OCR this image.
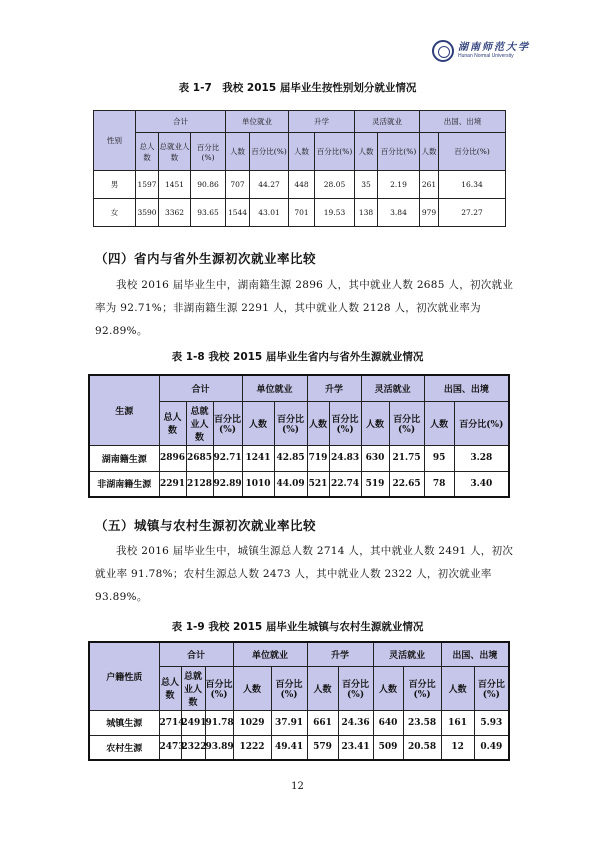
湖南师范大学
Hunan Normal University
表 1-7　我校 2015 届毕业生按性别划分就业情况
性别	合计			单位就业		升学		灵活就业		出国、出境	
	总人数	总就业人数	百分比(%)	人数	百分比(%)	人数	百分比(%)	人数	百分比(%)	人数	百分比(%)
男	1597	1451	90.86	707	44.27	448	28.05	35	2.19	261	16.34
女	3590	3362	93.65	1544	43.01	701	19.53	138	3.84	979	27.27
（四）省内与省外生源初次就业率比较

我校 2016 届毕业生中，湖南籍生源 2896 人，其中就业人数 2685 人，初次就业率为 92.71%；非湖南籍生源 2291 人，其中就业人数 2128 人，初次就业率为 92.89%。

表 1-8 我校 2015 届毕业生省内与省外生源就业情况
生源	合计			单位就业		升学		灵活就业		出国、出境	
	总人数	总就业人数	百分比(%)	人数	百分比(%)	人数	百分比(%)	人数	百分比(%)	人数	百分比(%)
湖南籍生源	2896	2685	92.71	1241	42.85	719	24.83	630	21.75	95	3.28
非湖南籍生源	2291	2128	92.89	1010	44.09	521	22.74	519	22.65	78	3.40
（五）城镇与农村生源初次就业率比较

我校 2016 届毕业生中，城镇生源总人数 2714 人，其中就业人数 2491 人，初次就业率 91.78%；农村生源总人数 2473 人，其中就业人数 2322 人，初次就业率 93.89%。

表 1-9 我校 2015 届毕业生城镇与农村生源就业情况
户籍性质	合计			单位就业		升学		灵活就业		出国、出境	
	总人数	总就业人数	百分比(%)	人数	百分比(%)	人数	百分比(%)	人数	百分比(%)	人数	百分比(%)
城镇生源	2714	2491	91.78	1029	37.91	661	24.36	640	23.58	161	5.93
农村生源	2473	2322	93.89	1222	49.41	579	23.41	509	20.58	12	0.49
12
